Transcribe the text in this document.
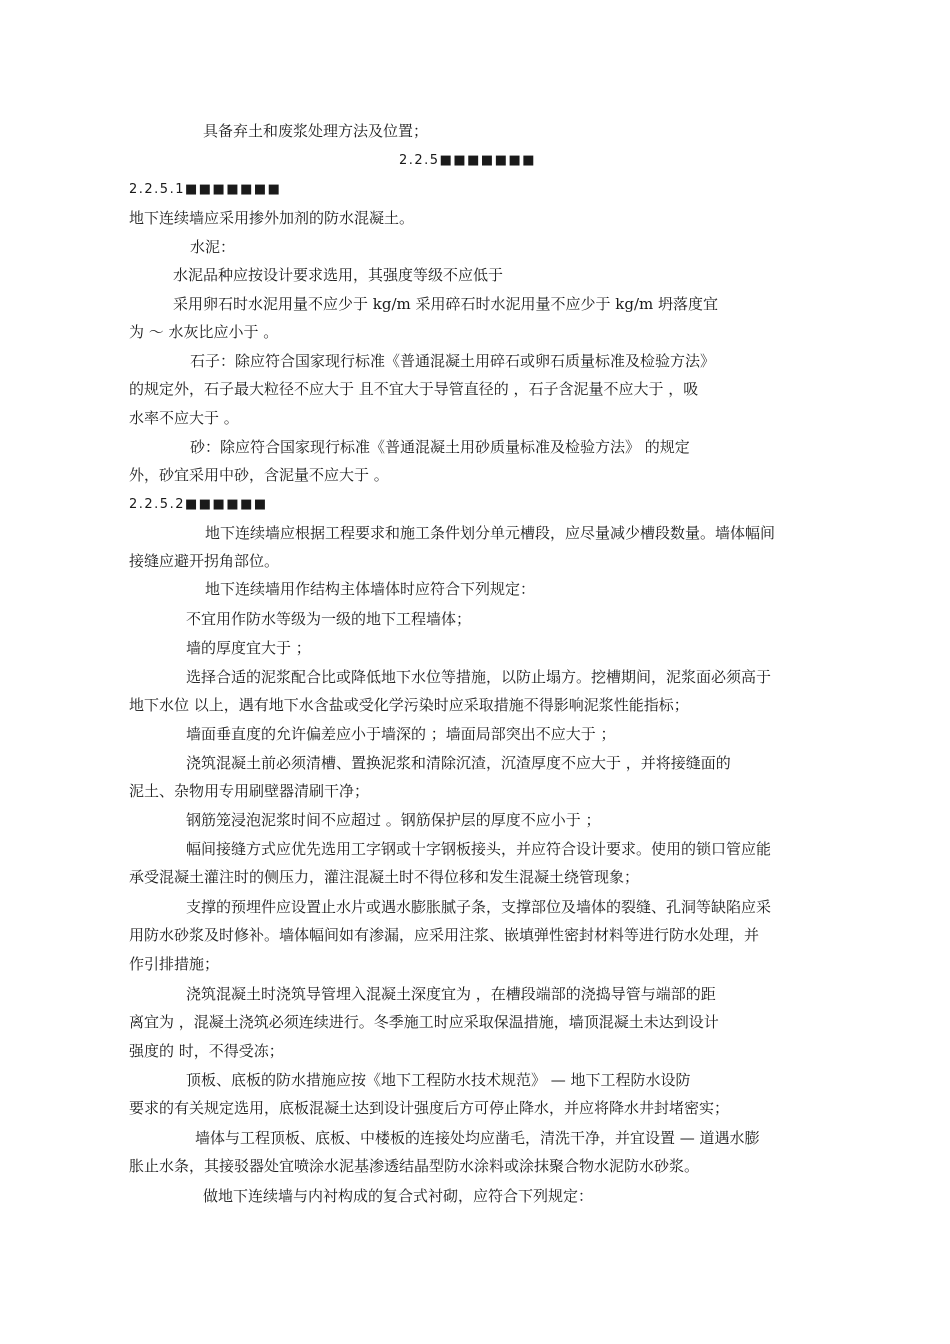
具备弃土和废浆处理方法及位置；
2.2.5■■■■■■■
2.2.5.1■■■■■■■
地下连续墙应采用掺外加剂的防水混凝土。
水泥：
水泥品种应按设计要求选用，其强度等级不应低于
采用卵石时水泥用量不应少于 kg/m 采用碎石时水泥用量不应少于 kg/m 坍落度宜
为 ～ 水灰比应小于 。
石子：除应符合国家现行标准《普通混凝土用碎石或卵石质量标准及检验方法》
的规定外，石子最大粒径不应大于 且不宜大于导管直径的 ，石子含泥量不应大于 ，吸
水率不应大于 。
砂：除应符合国家现行标准《普通混凝土用砂质量标准及检验方法》 的规定
外，砂宜采用中砂，含泥量不应大于 。
2.2.5.2■■■■■■
地下连续墙应根据工程要求和施工条件划分单元槽段，应尽量减少槽段数量。墙体幅间
接缝应避开拐角部位。
地下连续墙用作结构主体墙体时应符合下列规定：
不宜用作防水等级为一级的地下工程墙体；
墙的厚度宜大于 ；
选择合适的泥浆配合比或降低地下水位等措施，以防止塌方。挖槽期间，泥浆面必须高于
地下水位 以上，遇有地下水含盐或受化学污染时应采取措施不得影响泥浆性能指标；
墙面垂直度的允许偏差应小于墙深的 ；墙面局部突出不应大于 ；
浇筑混凝土前必须清槽、置换泥浆和清除沉渣，沉渣厚度不应大于 ，并将接缝面的
泥土、杂物用专用刷壁器清刷干净；
钢筋笼浸泡泥浆时间不应超过 。钢筋保护层的厚度不应小于 ；
幅间接缝方式应优先选用工字钢或十字钢板接头，并应符合设计要求。使用的锁口管应能
承受混凝土灌注时的侧压力，灌注混凝土时不得位移和发生混凝土绕管现象；
支撑的预埋件应设置止水片或遇水膨胀腻子条，支撑部位及墙体的裂缝、孔洞等缺陷应采
用防水砂浆及时修补。墙体幅间如有渗漏，应采用注浆、嵌填弹性密封材料等进行防水处理，并
作引排措施；
浇筑混凝土时浇筑导管埋入混凝土深度宜为 ，在槽段端部的浇捣导管与端部的距
离宜为 ，混凝土浇筑必须连续进行。冬季施工时应采取保温措施，墙顶混凝土未达到设计
强度的 时，不得受冻；
顶板、底板的防水措施应按《地下工程防水技术规范》 — 地下工程防水设防
要求的有关规定选用，底板混凝土达到设计强度后方可停止降水，并应将降水井封堵密实；
墙体与工程顶板、底板、中楼板的连接处均应凿毛，清洗干净，并宜设置 — 道遇水膨
胀止水条，其接驳器处宜喷涂水泥基渗透结晶型防水涂料或涂抹聚合物水泥防水砂浆。
做地下连续墙与内衬构成的复合式衬砌，应符合下列规定：
